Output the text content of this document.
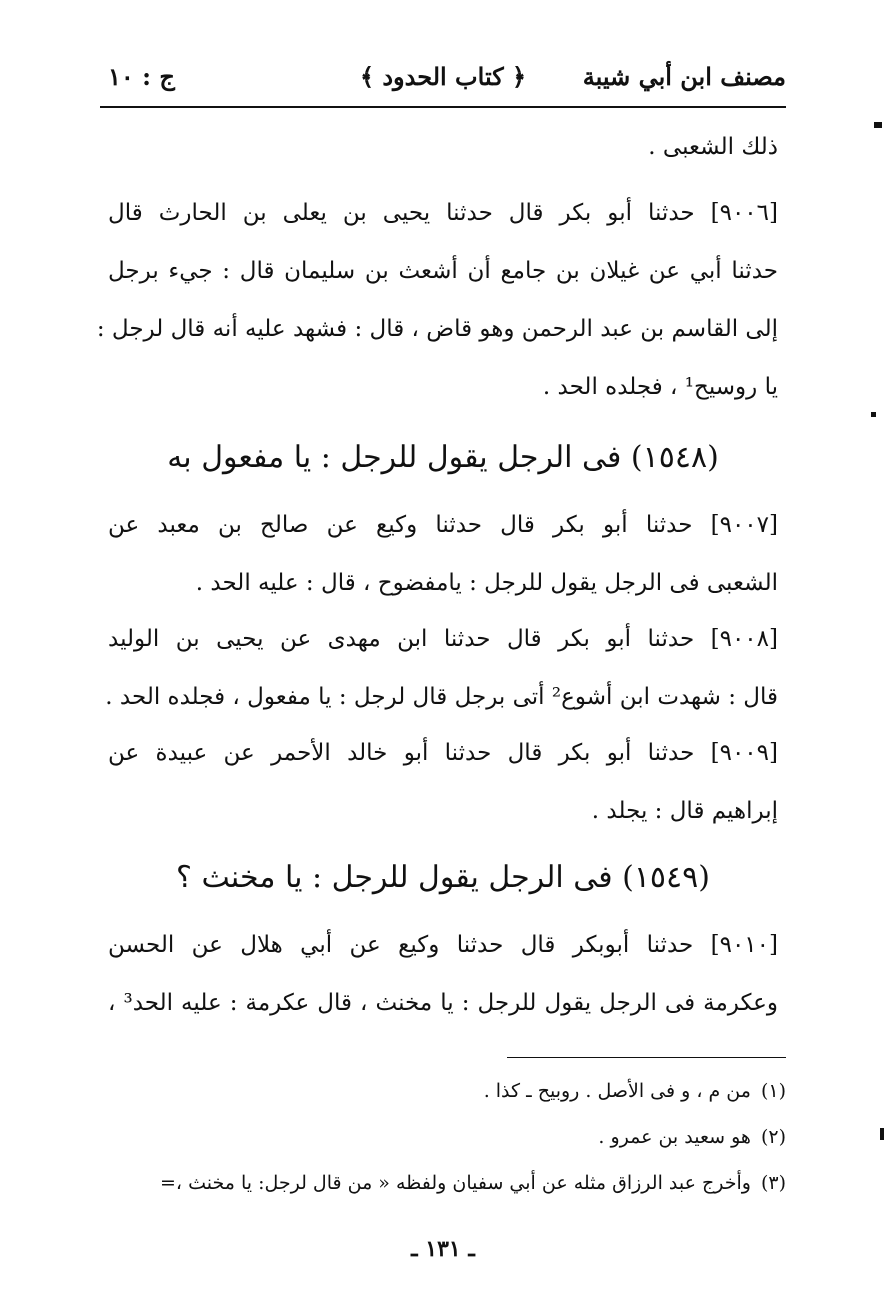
مصنف ابن أبي شيبة
﴿ كتاب الحدود ﴾
ج : ١٠
ذلك الشعبى .
[٩٠٠٦] حدثنا أبو بكر قال حدثنا يحيى بن يعلى بن الحارث قال
حدثنا أبي عن غيلان بن جامع أن أشعث بن سليمان قال : جيء برجل
إلى القاسم بن عبد الرحمن وهو قاض ، قال : فشهد عليه أنه قال لرجل :
يا روسيح¹ ، فجلده الحد .
(١٥٤٨) فى الرجل يقول للرجل : يا مفعول به
[٩٠٠٧] حدثنا أبو بكر قال حدثنا وكيع عن صالح بن معبد عن
الشعبى فى الرجل يقول للرجل : يامفضوح ، قال : عليه الحد .
[٩٠٠٨] حدثنا أبو بكر قال حدثنا ابن مهدى عن يحيى بن الوليد
قال : شهدت ابن أشوع² أتى برجل قال لرجل : يا مفعول ، فجلده الحد .
[٩٠٠٩] حدثنا أبو بكر قال حدثنا أبو خالد الأحمر عن عبيدة عن
إبراهيم قال : يجلد .
(١٥٤٩) فى الرجل يقول للرجل : يا مخنث ؟
[٩٠١٠] حدثنا أبوبكر قال حدثنا وكيع عن أبي هلال عن الحسن
وعكرمة فى الرجل يقول للرجل : يا مخنث ، قال عكرمة : عليه الحد³ ،
(١)من م ، و فى الأصل . روبيح ـ كذا .
(٢)هو سعيد بن عمرو .
(٣)وأخرج عبد الرزاق مثله عن أبي سفيان ولفظه « من قال لرجل: يا مخنث ،=
ـ ١٣١ ـ
